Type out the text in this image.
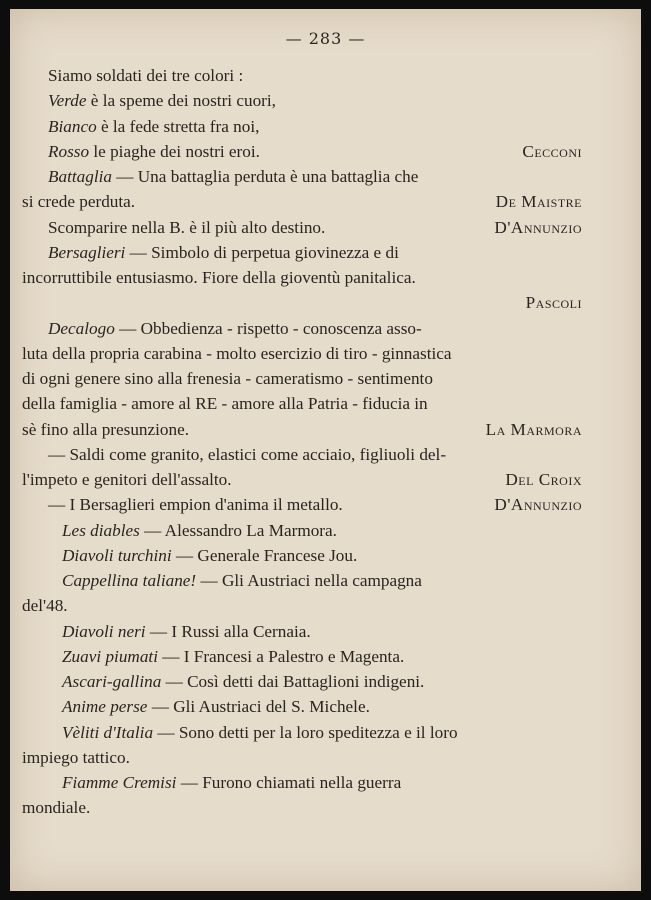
— 283 —
Siamo soldati dei tre colori :
Verde è la speme dei nostri cuori,
Bianco è la fede stretta fra noi,
Rosso le piaghe dei nostri eroi.	Cecconi
Battaglia — Una battaglia perduta è una battaglia che
si crede perduta.	De Maistre
Scomparire nella B. è il più alto destino.	D'Annunzio
Bersaglieri — Simbolo di perpetua giovinezza e di
incorruttibile entusiasmo. Fiore della gioventù panitalica.
Pascoli
Decalogo — Obbedienza - rispetto - conoscenza asso-
luta della propria carabina - molto esercizio di tiro - ginnastica
di ogni genere sino alla frenesia - cameratismo - sentimento
della famiglia - amore al RE - amore alla Patria - fiducia in
sè fino alla presunzione.	La Marmora
— Saldi come granito, elastici come acciaio, figliuoli del-
l'impeto e genitori dell'assalto.	Del Croix
— I Bersaglieri empion d'anima il metallo.	D'Annunzio
Les diables — Alessandro La Marmora.
Diavoli turchini — Generale Francese Jou.
Cappellina taliane! — Gli Austriaci nella campagna
del'48.
Diavoli neri — I Russi alla Cernaia.
Zuavi piumati — I Francesi a Palestro e Magenta.
Ascari-gallina — Così detti dai Battaglioni indigeni.
Anime perse — Gli Austriaci del S. Michele.
Vèliti d'Italia — Sono detti per la loro speditezza e il loro
impiego tattico.
Fiamme Cremisi — Furono chiamati nella guerra
mondiale.
